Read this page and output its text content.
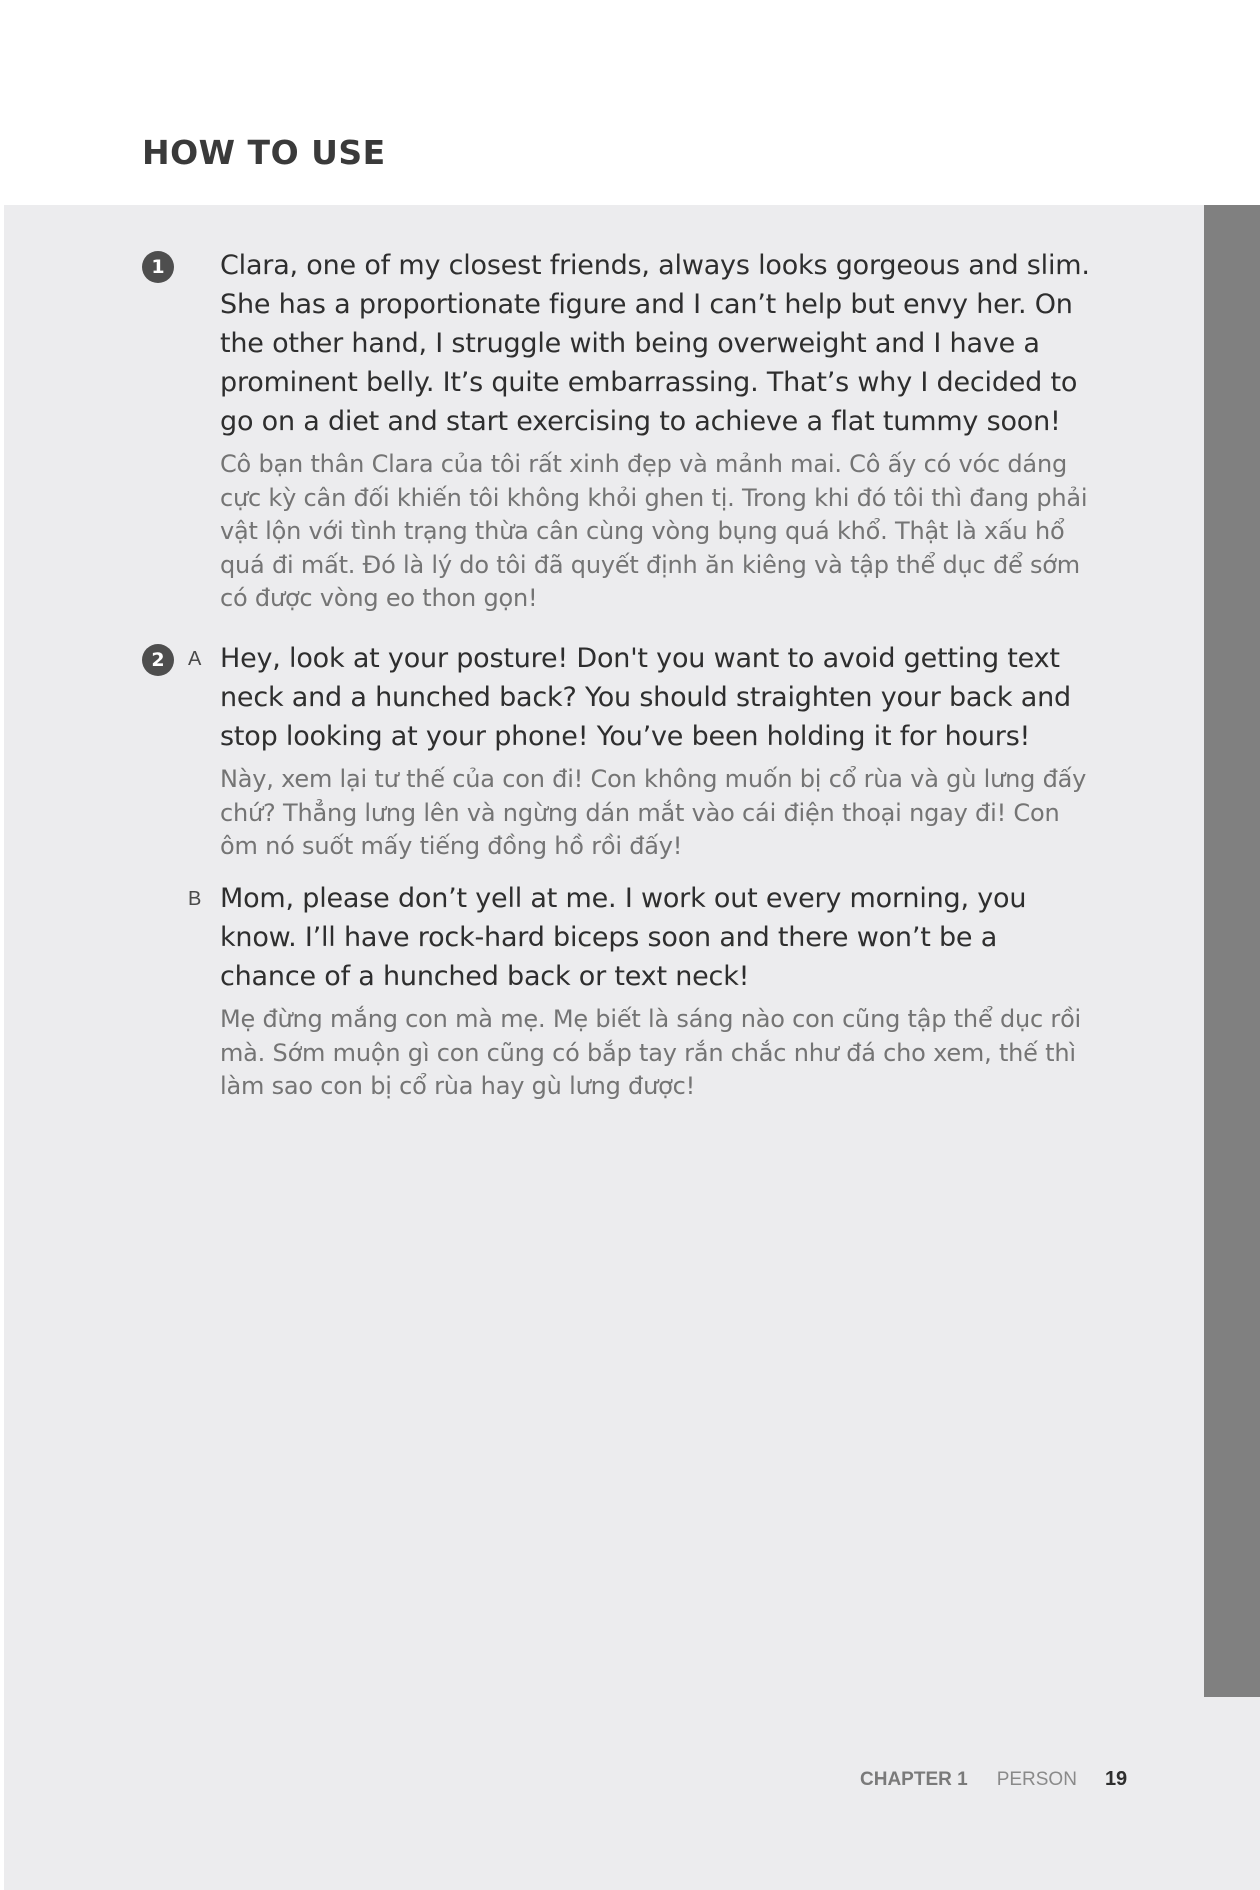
HOW TO USE
1	Clara, one of my closest friends, always looks gorgeous and slim. She has a proportionate figure and I can’t help but envy her. On the other hand, I struggle with being overweight and I have a prominent belly. It’s quite embarrassing. That’s why I decided to go on a diet and start exercising to achieve a flat tummy soon!

Cô bạn thân Clara của tôi rất xinh đẹp và mảnh mai. Cô ấy có vóc dáng cực kỳ cân đối khiến tôi không khỏi ghen tị. Trong khi đó tôi thì đang phải vật lộn với tình trạng thừa cân cùng vòng bụng quá khổ. Thật là xấu hổ quá đi mất. Đó là lý do tôi đã quyết định ăn kiêng và tập thể dục để sớm có được vòng eo thon gọn!

2	A Hey, look at your posture! Don't you want to avoid getting text neck and a hunched back? You should straighten your back and stop looking at your phone! You’ve been holding it for hours!

Này, xem lại tư thế của con đi! Con không muốn bị cổ rùa và gù lưng đấy chứ? Thẳng lưng lên và ngừng dán mắt vào cái điện thoại ngay đi! Con ôm nó suốt mấy tiếng đồng hồ rồi đấy!

B Mom, please don’t yell at me. I work out every morning, you know. I’ll have rock-hard biceps soon and there won’t be a chance of a hunched back or text neck!

Mẹ đừng mắng con mà mẹ. Mẹ biết là sáng nào con cũng tập thể dục rồi mà. Sớm muộn gì con cũng có bắp tay rắn chắc như đá cho xem, thế thì làm sao con bị cổ rùa hay gù lưng được!

CHAPTER 1 PERSON 19
